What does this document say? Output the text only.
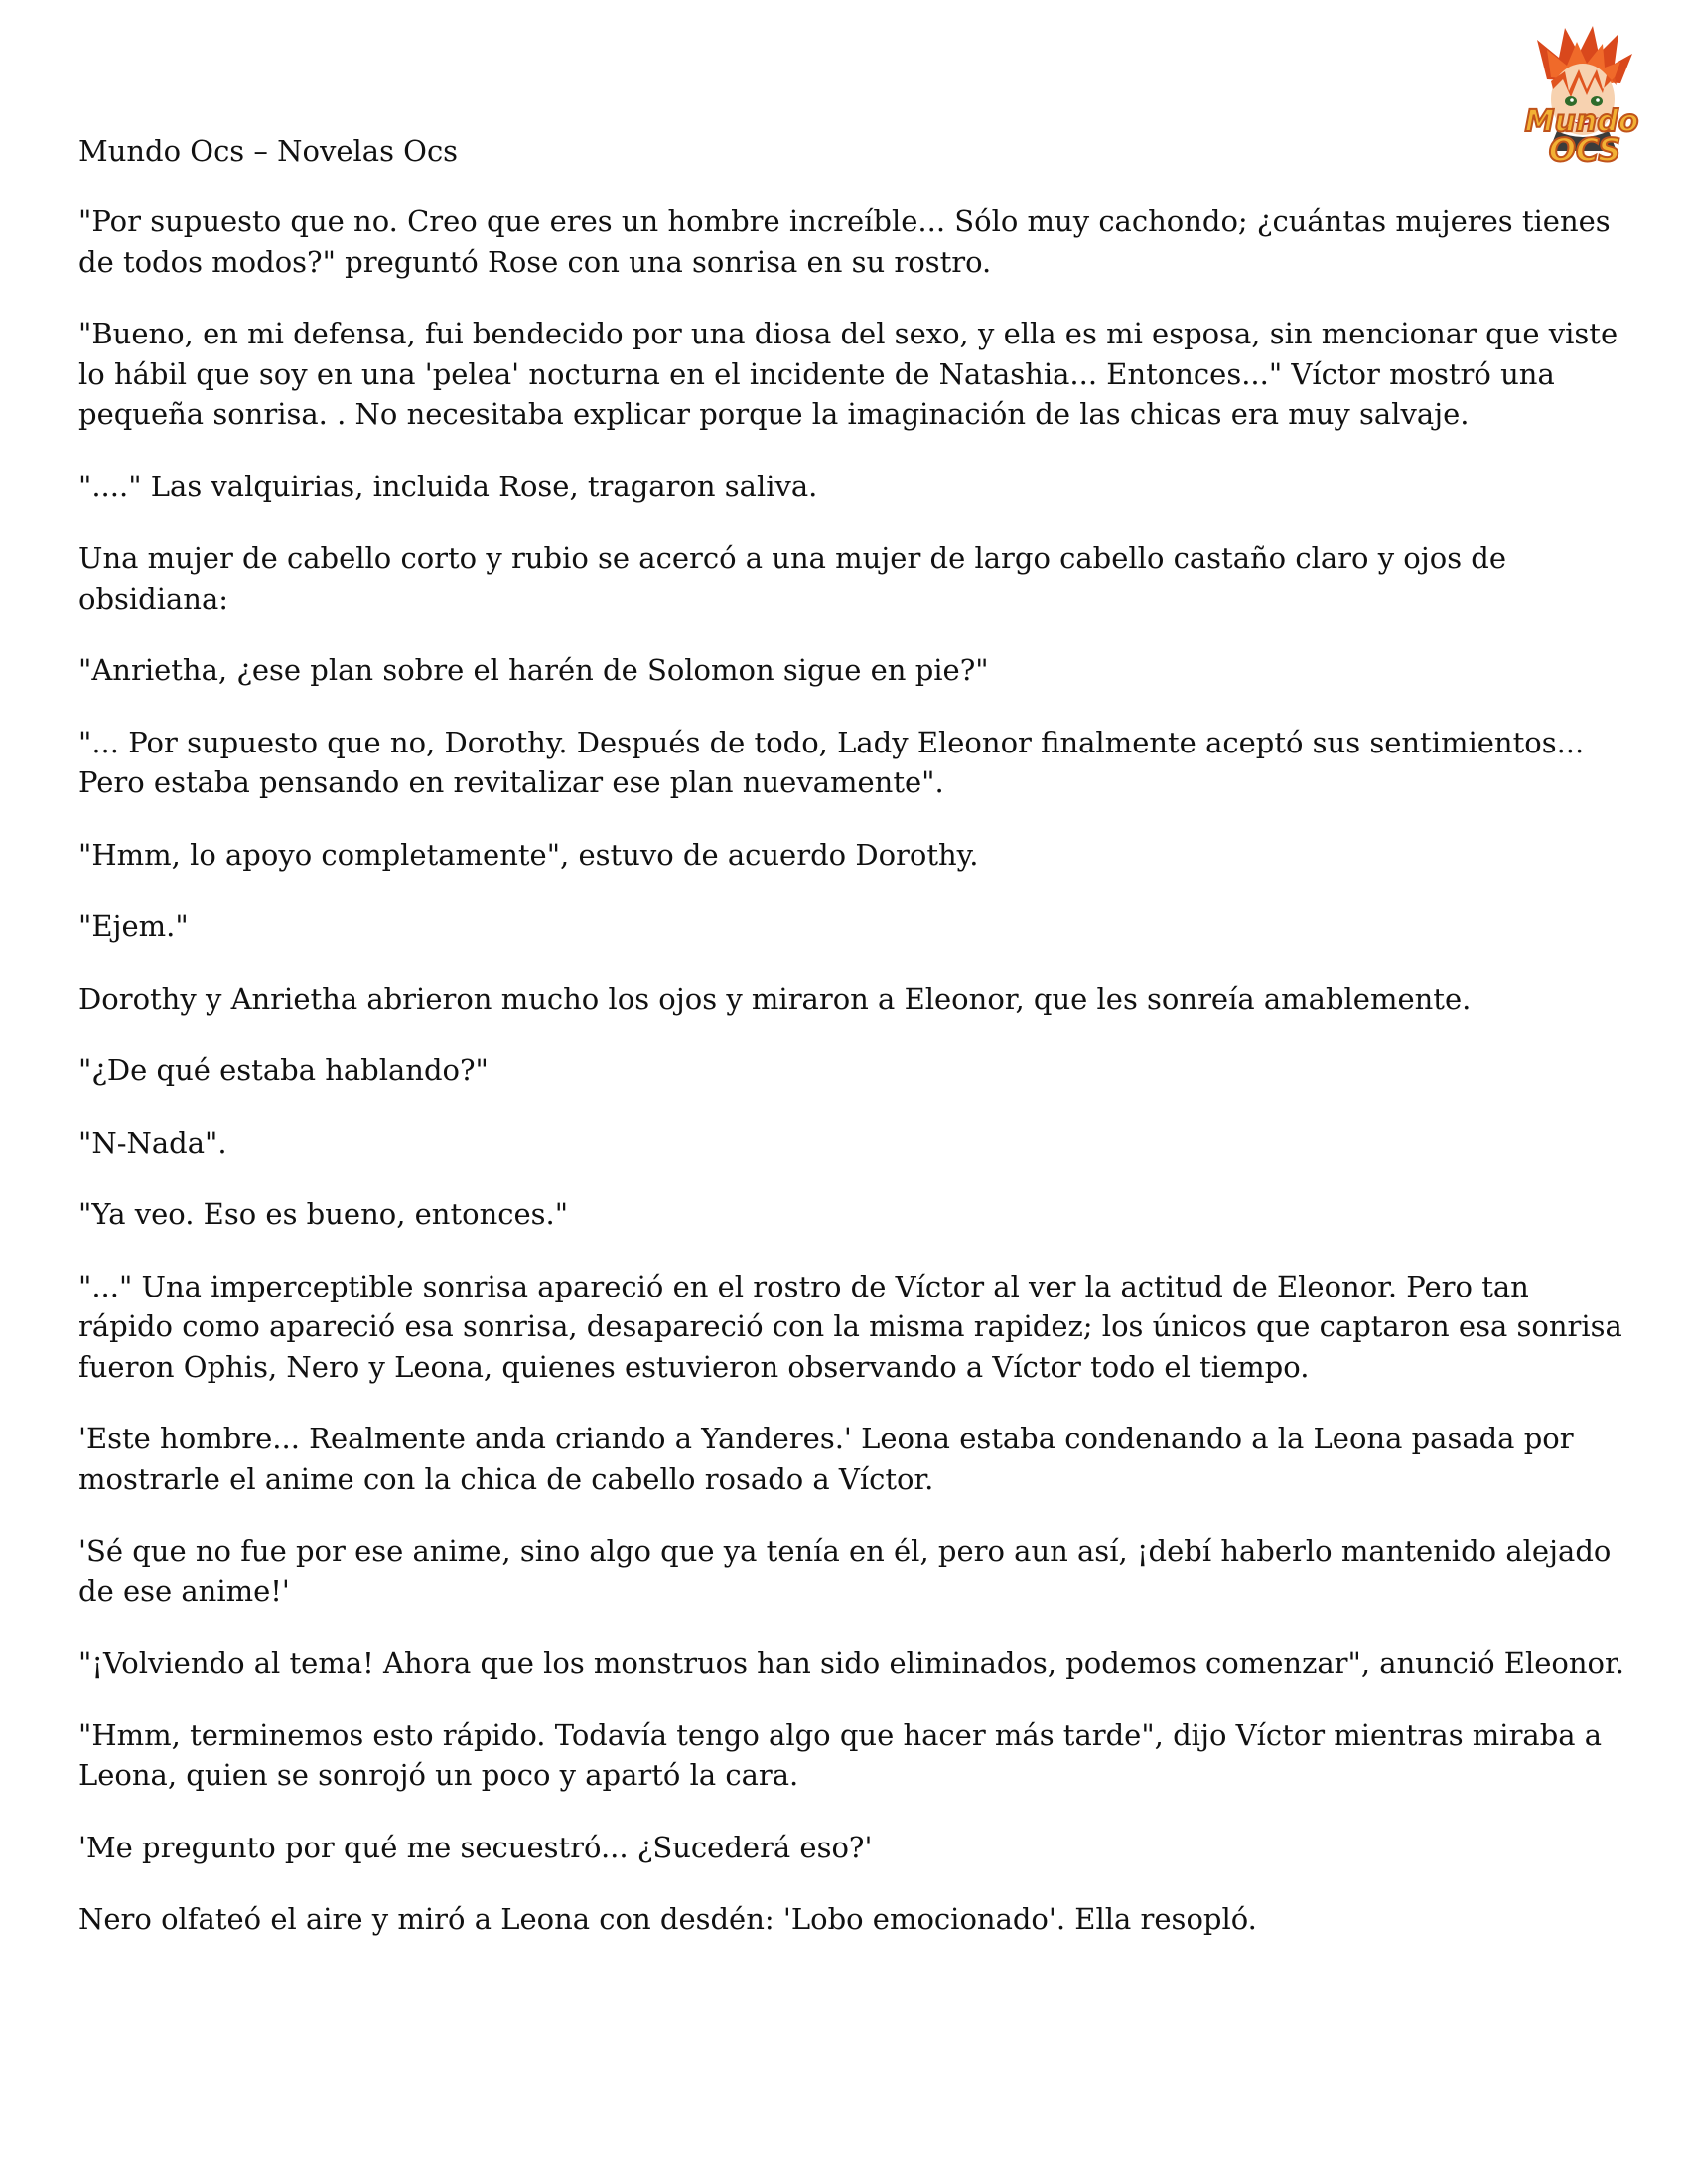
Mundo
OCS
Mundo Ocs – Novelas Ocs

"Por supuesto que no. Creo que eres un hombre increíble... Sólo muy cachondo; ¿cuántas mujeres tienes de todos modos?" preguntó Rose con una sonrisa en su rostro.

"Bueno, en mi defensa, fui bendecido por una diosa del sexo, y ella es mi esposa, sin mencionar que viste lo hábil que soy en una 'pelea' nocturna en el incidente de Natashia... Entonces..." Víctor mostró una pequeña sonrisa. . No necesitaba explicar porque la imaginación de las chicas era muy salvaje.

"...." Las valquirias, incluida Rose, tragaron saliva.

Una mujer de cabello corto y rubio se acercó a una mujer de largo cabello castaño claro y ojos de obsidiana:

"Anrietha, ¿ese plan sobre el harén de Solomon sigue en pie?"

"... Por supuesto que no, Dorothy. Después de todo, Lady Eleonor finalmente aceptó sus sentimientos... Pero estaba pensando en revitalizar ese plan nuevamente".

"Hmm, lo apoyo completamente", estuvo de acuerdo Dorothy.

"Ejem."

Dorothy y Anrietha abrieron mucho los ojos y miraron a Eleonor, que les sonreía amablemente.

"¿De qué estaba hablando?"

"N-Nada".

"Ya veo. Eso es bueno, entonces."

"..." Una imperceptible sonrisa apareció en el rostro de Víctor al ver la actitud de Eleonor. Pero tan rápido como apareció esa sonrisa, desapareció con la misma rapidez; los únicos que captaron esa sonrisa fueron Ophis, Nero y Leona, quienes estuvieron observando a Víctor todo el tiempo.

'Este hombre... Realmente anda criando a Yanderes.' Leona estaba condenando a la Leona pasada por mostrarle el anime con la chica de cabello rosado a Víctor.

'Sé que no fue por ese anime, sino algo que ya tenía en él, pero aun así, ¡debí haberlo mantenido alejado de ese anime!'

"¡Volviendo al tema! Ahora que los monstruos han sido eliminados, podemos comenzar", anunció Eleonor.

"Hmm, terminemos esto rápido. Todavía tengo algo que hacer más tarde", dijo Víctor mientras miraba a Leona, quien se sonrojó un poco y apartó la cara.

'Me pregunto por qué me secuestró... ¿Sucederá eso?'

Nero olfateó el aire y miró a Leona con desdén: 'Lobo emocionado'. Ella resopló.
